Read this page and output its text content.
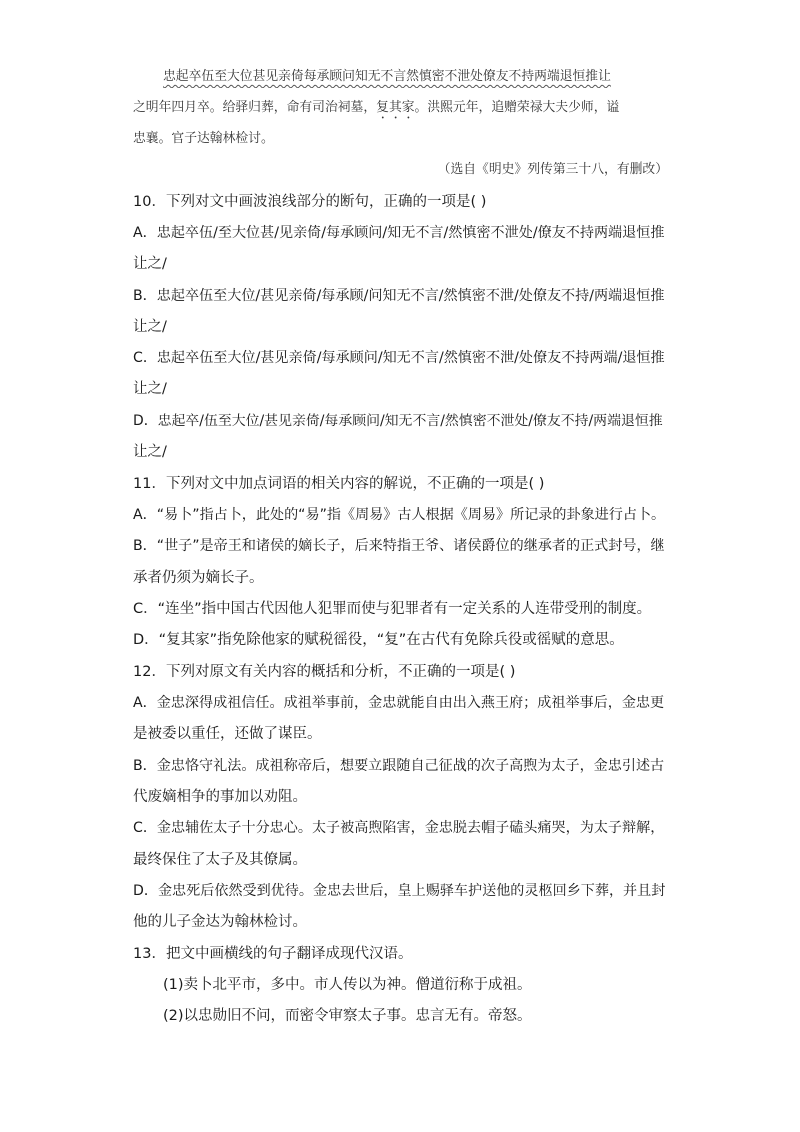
忠起卒伍至大位甚见亲倚每承顾问知无不言然慎密不泄处僚友不持两端退恒推让
之明年四月卒。给驿归葬，命有司治祠墓，复其家。洪熙元年，追赠荣禄大夫少师，谥
忠襄。官子达翰林检讨。
（选自《明史》列传第三十八，有删改）
10．下列对文中画波浪线部分的断句，正确的一项是( )
A．忠起卒伍/至大位甚/见亲倚/每承顾问/知无不言/然慎密不泄处/僚友不持两端退恒推
让之/
B．忠起卒伍至大位/甚见亲倚/每承顾/问知无不言/然慎密不泄/处僚友不持/两端退恒推
让之/
C．忠起卒伍至大位/甚见亲倚/每承顾问/知无不言/然慎密不泄/处僚友不持两端/退恒推
让之/
D．忠起卒/伍至大位/甚见亲倚/每承顾问/知无不言/然慎密不泄处/僚友不持/两端退恒推
让之/
11．下列对文中加点词语的相关内容的解说，不正确的一项是( )
A．“易卜”指占卜，此处的“易”指《周易》古人根据《周易》所记录的卦象进行占卜。
B．“世子”是帝王和诸侯的嫡长子，后来特指王爷、诸侯爵位的继承者的正式封号，继
承者仍须为嫡长子。
C．“连坐”指中国古代因他人犯罪而使与犯罪者有一定关系的人连带受刑的制度。
D．“复其家”指免除他家的赋税徭役，“复”在古代有免除兵役或徭赋的意思。
12．下列对原文有关内容的概括和分析，不正确的一项是( )
A．金忠深得成祖信任。成祖举事前，金忠就能自由出入燕王府；成祖举事后，金忠更
是被委以重任，还做了谋臣。
B．金忠恪守礼法。成祖称帝后，想要立跟随自己征战的次子高煦为太子，金忠引述古
代废嫡相争的事加以劝阻。
C．金忠辅佐太子十分忠心。太子被高煦陷害，金忠脱去帽子磕头痛哭，为太子辩解，
最终保住了太子及其僚属。
D．金忠死后依然受到优待。金忠去世后，皇上赐驿车护送他的灵柩回乡下葬，并且封
他的儿子金达为翰林检讨。
13．把文中画横线的句子翻译成现代汉语。
(1)卖卜北平市，多中。市人传以为神。僧道衍称于成祖。
(2)以忠勋旧不问，而密令审察太子事。忠言无有。帝怒。
